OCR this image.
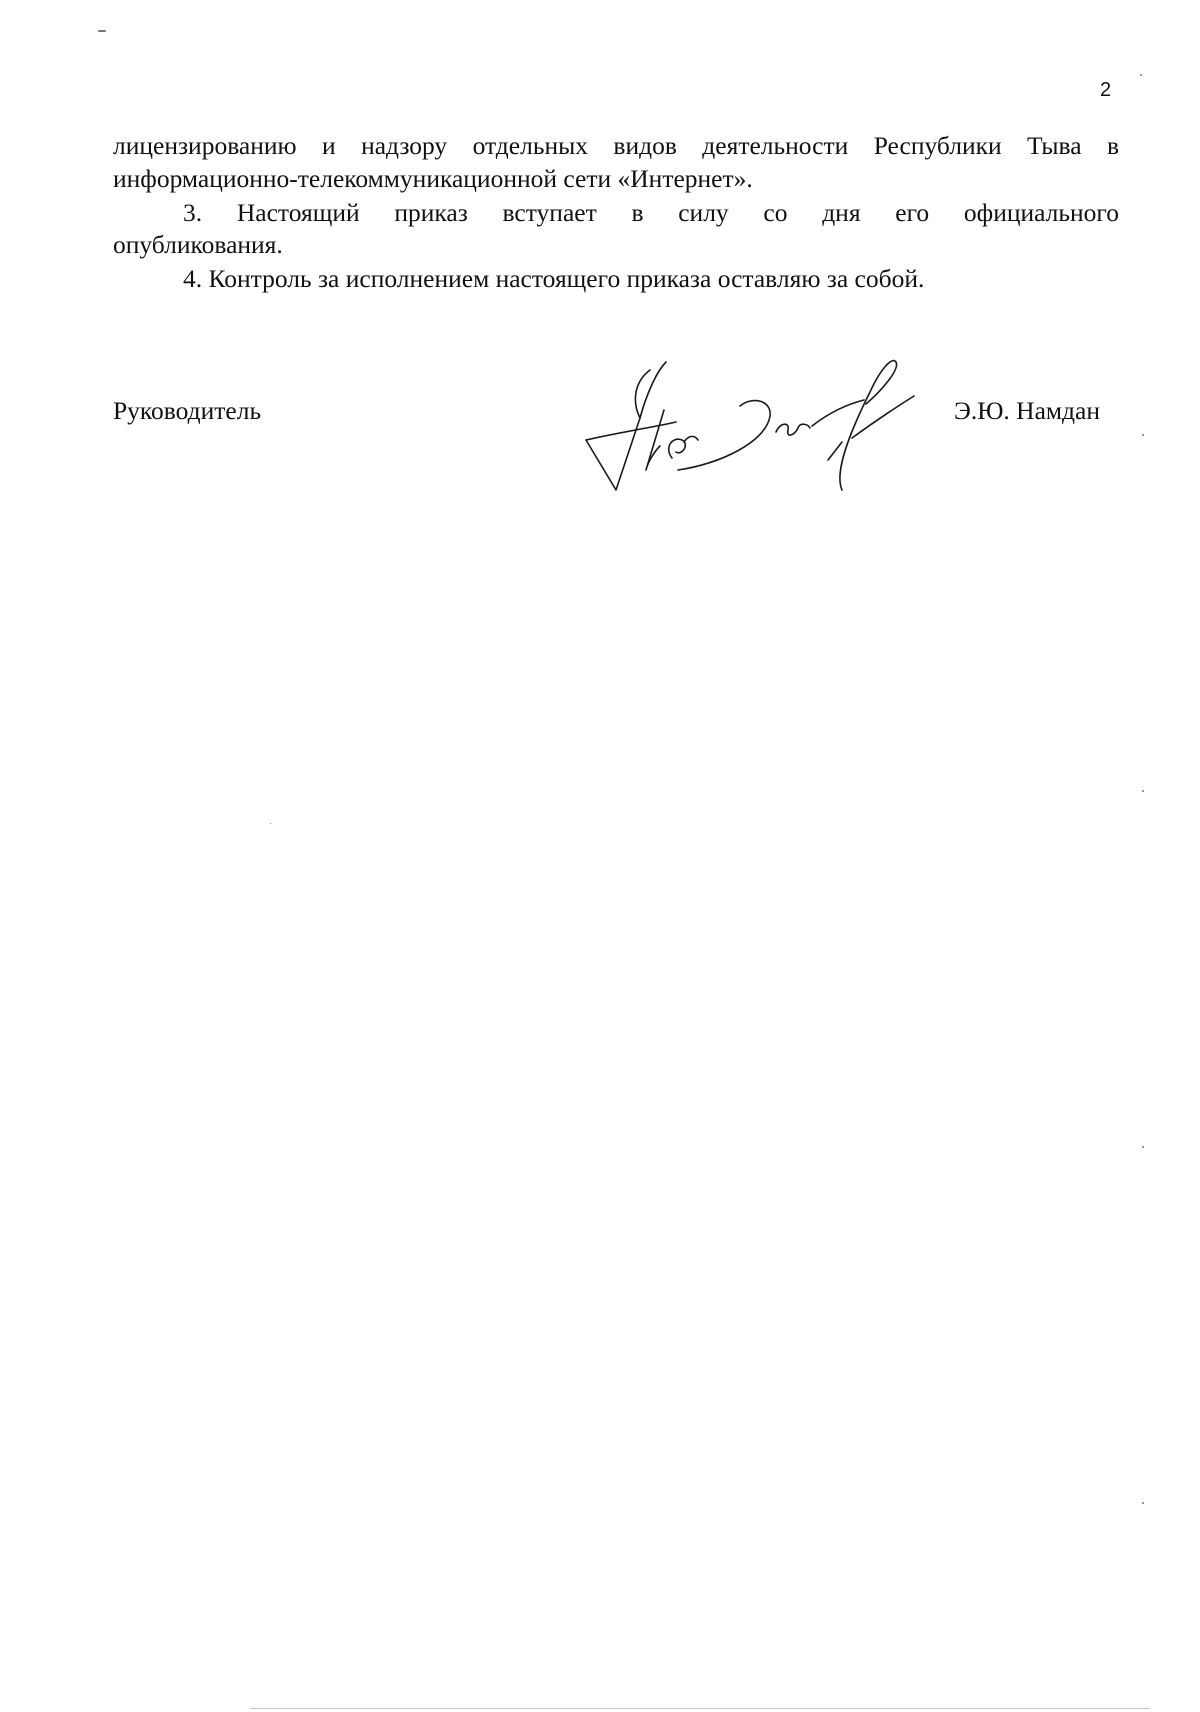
2
лицензированию и надзору отдельных видов деятельности Республики Тыва в
информационно-телекоммуникационной сети «Интернет».
3. Настоящий приказ вступает в силу со дня его официального
опубликования.
4. Контроль за исполнением настоящего приказа оставляю за собой.
Руководитель	Э.Ю. Намдан
